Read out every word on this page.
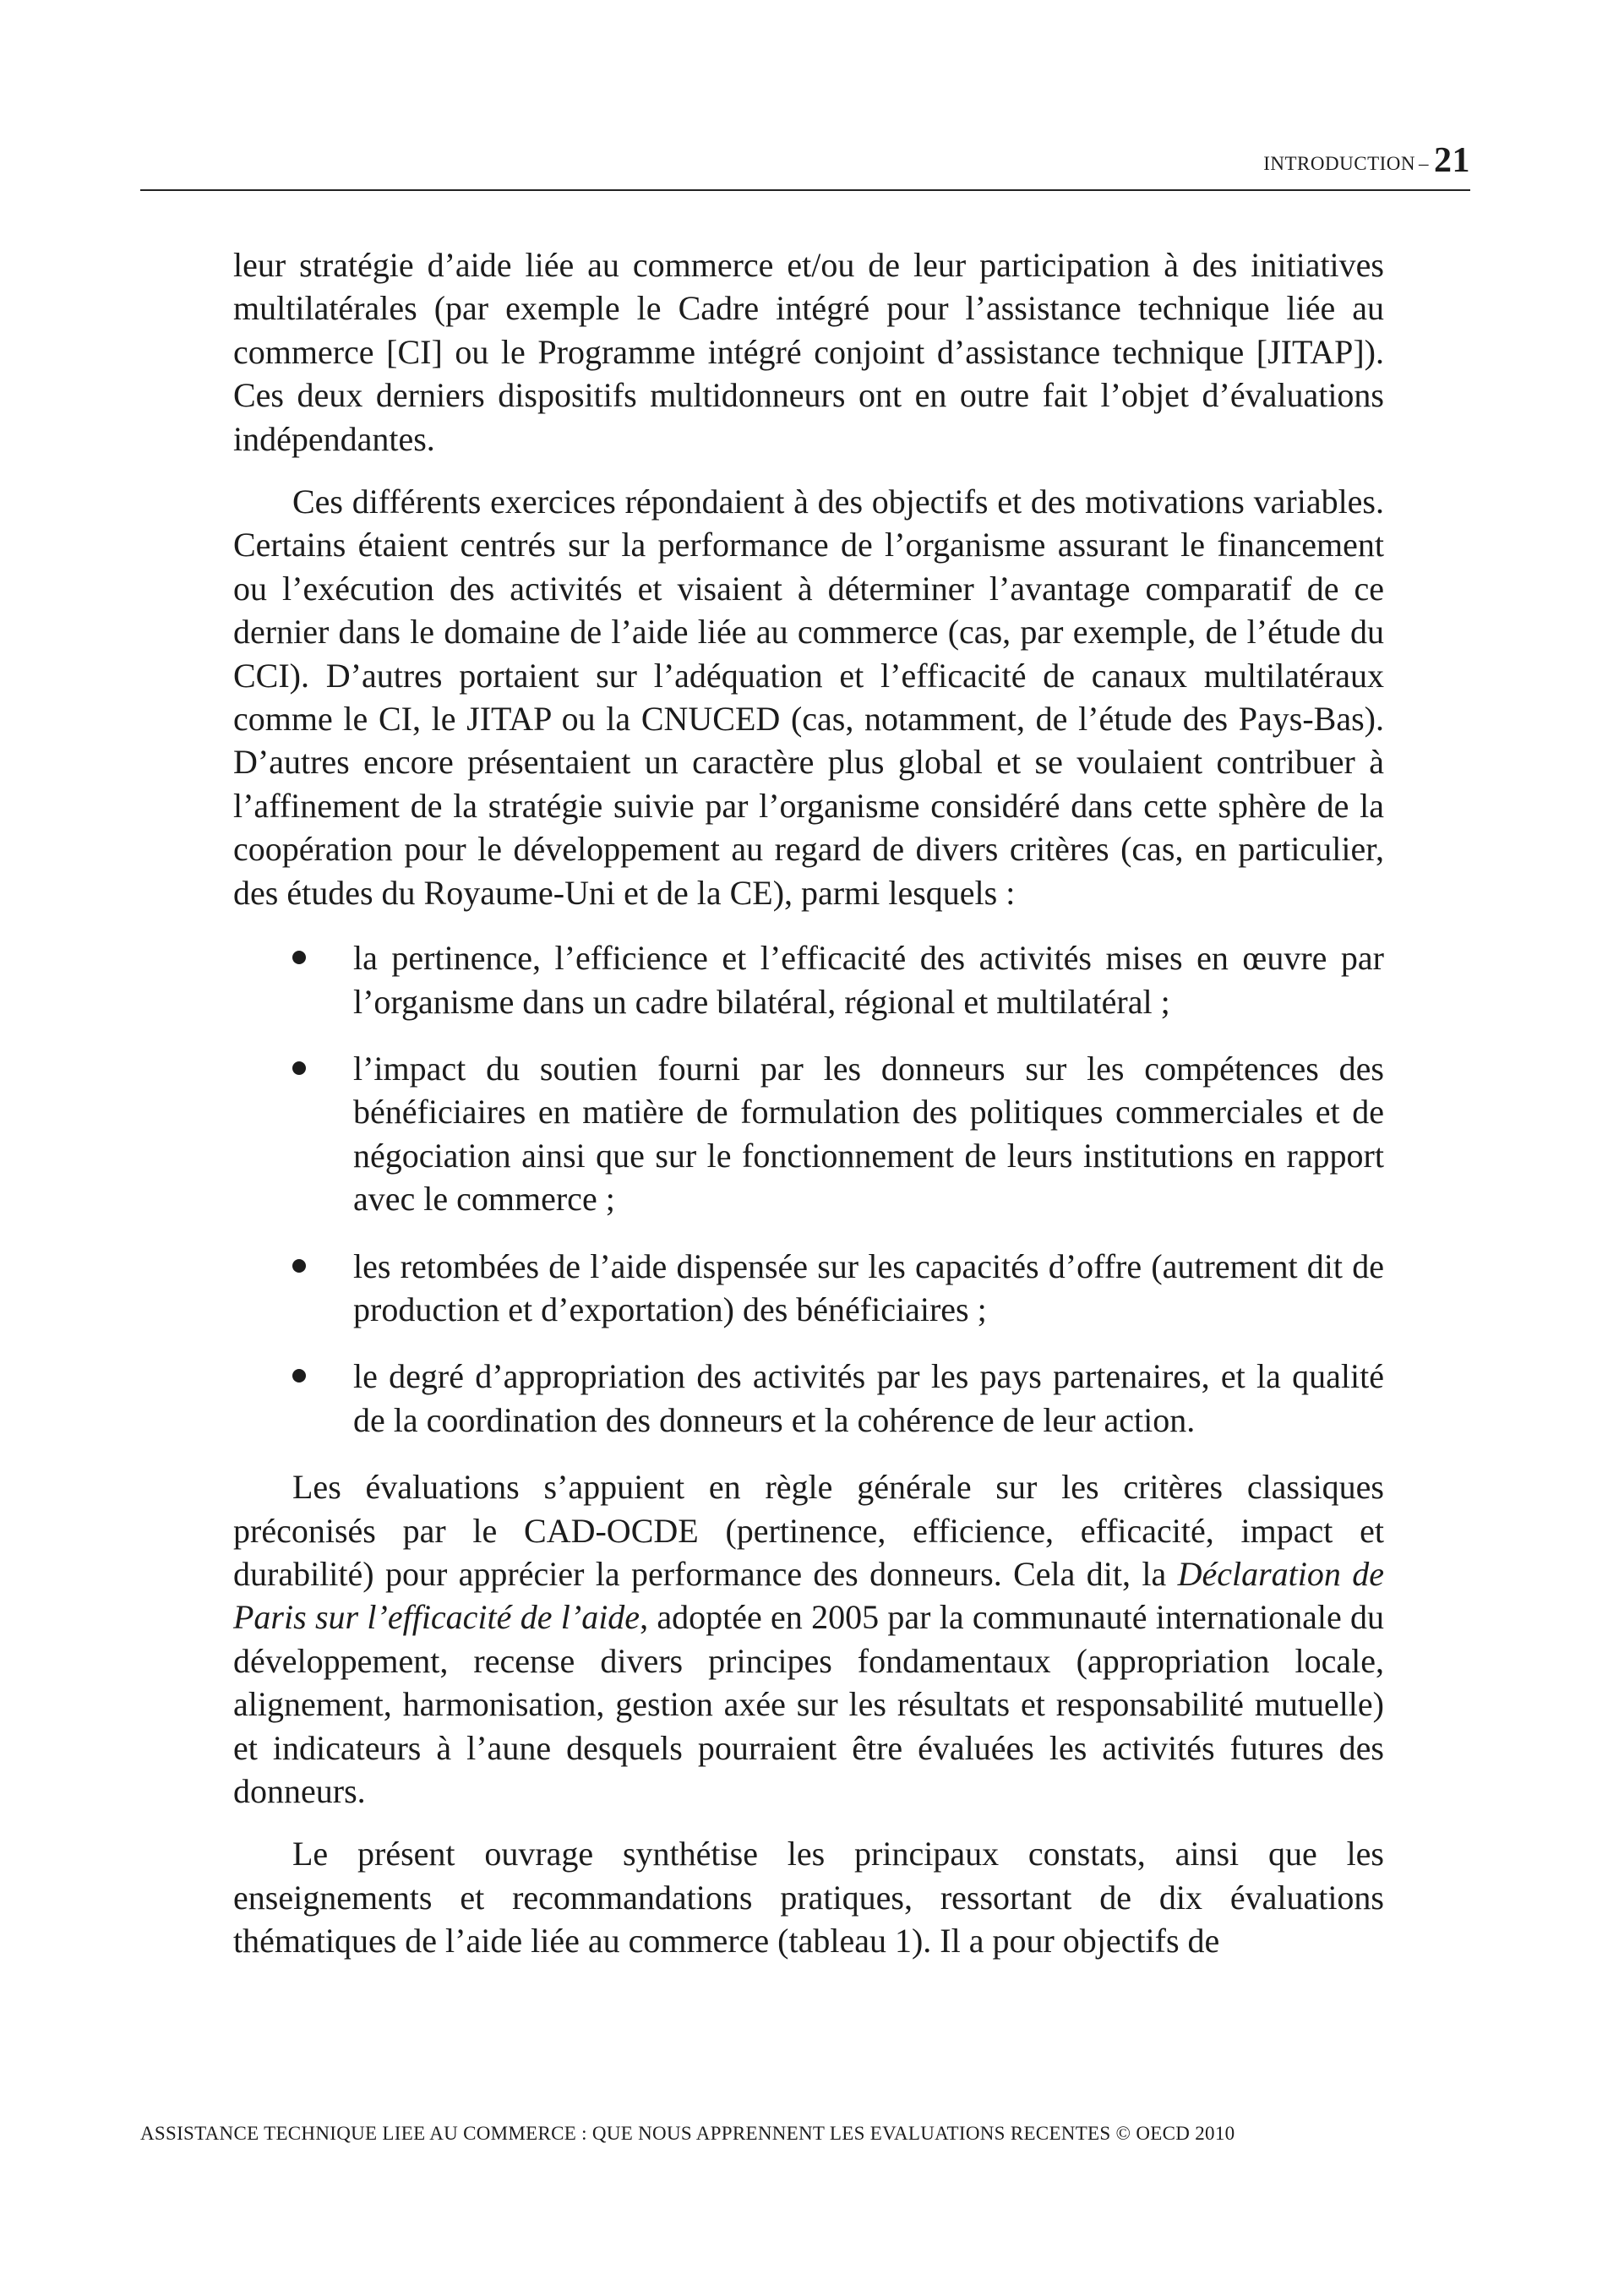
INTRODUCTION – 21

leur stratégie d’aide liée au commerce et/ou de leur participation à des initiatives multilatérales (par exemple le Cadre intégré pour l’assistance technique liée au commerce [CI] ou le Programme intégré conjoint d’assistance technique [JITAP]). Ces deux derniers dispositifs multidonneurs ont en outre fait l’objet d’évaluations indépendantes.

Ces différents exercices répondaient à des objectifs et des motivations variables. Certains étaient centrés sur la performance de l’organisme assurant le financement ou l’exécution des activités et visaient à déterminer l’avantage comparatif de ce dernier dans le domaine de l’aide liée au commerce (cas, par exemple, de l’étude du CCI). D’autres portaient sur l’adéquation et l’efficacité de canaux multilatéraux comme le CI, le JITAP ou la CNUCED (cas, notamment, de l’étude des Pays-Bas). D’autres encore présentaient un caractère plus global et se voulaient contribuer à l’affinement de la stratégie suivie par l’organisme considéré dans cette sphère de la coopération pour le développement au regard de divers critères (cas, en particulier, des études du Royaume-Uni et de la CE), parmi lesquels :

la pertinence, l’efficience et l’efficacité des activités mises en œuvre par l’organisme dans un cadre bilatéral, régional et multilatéral ;
l’impact du soutien fourni par les donneurs sur les compétences des bénéficiaires en matière de formulation des politiques commerciales et de négociation ainsi que sur le fonctionnement de leurs institutions en rapport avec le commerce ;
les retombées de l’aide dispensée sur les capacités d’offre (autrement dit de production et d’exportation) des bénéficiaires ;
le degré d’appropriation des activités par les pays partenaires, et la qualité de la coordination des donneurs et la cohérence de leur action.

Les évaluations s’appuient en règle générale sur les critères classiques préconisés par le CAD-OCDE (pertinence, efficience, efficacité, impact et durabilité) pour apprécier la performance des donneurs. Cela dit, la Déclaration de Paris sur l’efficacité de l’aide, adoptée en 2005 par la communauté internationale du développement, recense divers principes fondamentaux (appropriation locale, alignement, harmonisation, gestion axée sur les résultats et responsabilité mutuelle) et indicateurs à l’aune desquels pourraient être évaluées les activités futures des donneurs.

Le présent ouvrage synthétise les principaux constats, ainsi que les enseignements et recommandations pratiques, ressortant de dix évaluations thématiques de l’aide liée au commerce (tableau 1). Il a pour objectifs de

ASSISTANCE TECHNIQUE LIEE AU COMMERCE : QUE NOUS APPRENNENT LES EVALUATIONS RECENTES © OECD 2010
